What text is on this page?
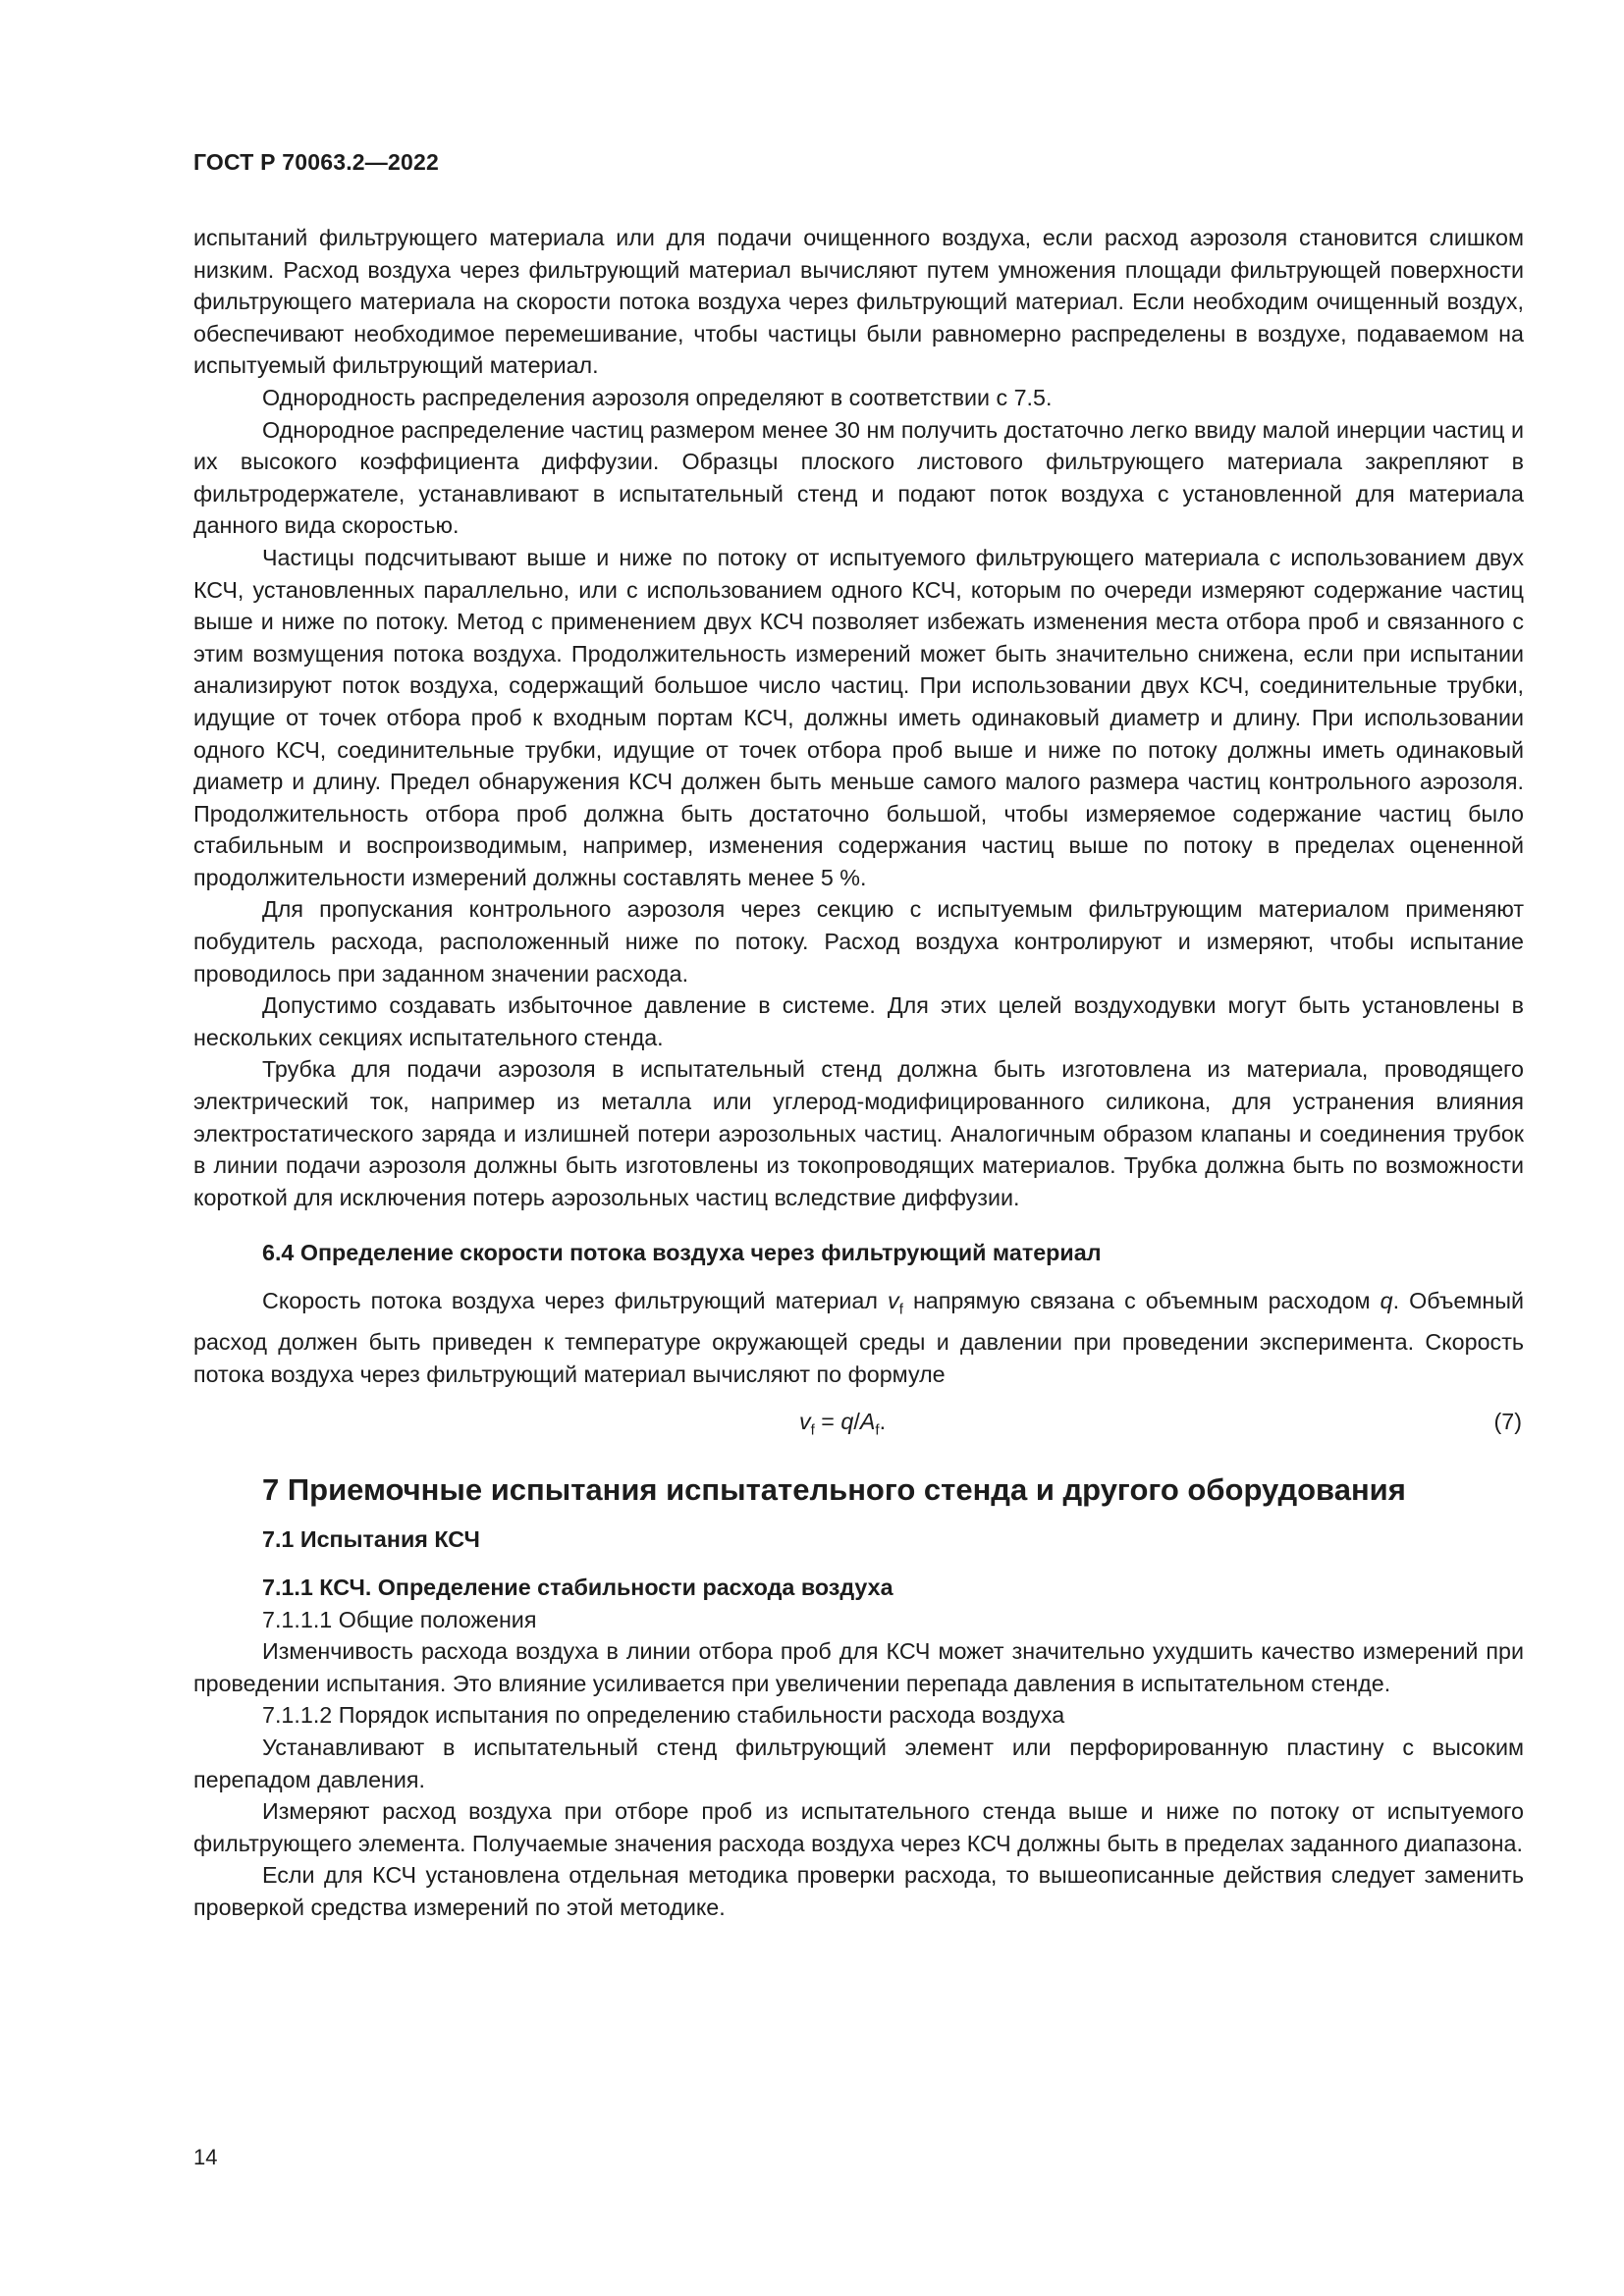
ГОСТ Р 70063.2—2022

испытаний фильтрующего материала или для подачи очищенного воздуха, если расход аэрозоля становится слишком низким. Расход воздуха через фильтрующий материал вычисляют путем умножения площади фильтрующей поверхности фильтрующего материала на скорости потока воздуха через фильтрующий материал. Если необходим очищенный воздух, обеспечивают необходимое перемешивание, чтобы частицы были равномерно распределены в воздухе, подаваемом на испытуемый фильтрующий материал.

Однородность распределения аэрозоля определяют в соответствии с 7.5.

Однородное распределение частиц размером менее 30 нм получить достаточно легко ввиду малой инерции частиц и их высокого коэффициента диффузии. Образцы плоского листового фильтрующего материала закрепляют в фильтродержателе, устанавливают в испытательный стенд и подают поток воздуха с установленной для материала данного вида скоростью.

Частицы подсчитывают выше и ниже по потоку от испытуемого фильтрующего материала с использованием двух КСЧ, установленных параллельно, или с использованием одного КСЧ, которым по очереди измеряют содержание частиц выше и ниже по потоку. Метод с применением двух КСЧ позволяет избежать изменения места отбора проб и связанного с этим возмущения потока воздуха. Продолжительность измерений может быть значительно снижена, если при испытании анализируют поток воздуха, содержащий большое число частиц. При использовании двух КСЧ, соединительные трубки, идущие от точек отбора проб к входным портам КСЧ, должны иметь одинаковый диаметр и длину. При использовании одного КСЧ, соединительные трубки, идущие от точек отбора проб выше и ниже по потоку должны иметь одинаковый диаметр и длину. Предел обнаружения КСЧ должен быть меньше самого малого размера частиц контрольного аэрозоля. Продолжительность отбора проб должна быть достаточно большой, чтобы измеряемое содержание частиц было стабильным и воспроизводимым, например, изменения содержания частиц выше по потоку в пределах оцененной продолжительности измерений должны составлять менее 5 %.

Для пропускания контрольного аэрозоля через секцию с испытуемым фильтрующим материалом применяют побудитель расхода, расположенный ниже по потоку. Расход воздуха контролируют и измеряют, чтобы испытание проводилось при заданном значении расхода.

Допустимо создавать избыточное давление в системе. Для этих целей воздуходувки могут быть установлены в нескольких секциях испытательного стенда.

Трубка для подачи аэрозоля в испытательный стенд должна быть изготовлена из материала, проводящего электрический ток, например из металла или углерод-модифицированного силикона, для устранения влияния электростатического заряда и излишней потери аэрозольных частиц. Аналогичным образом клапаны и соединения трубок в линии подачи аэрозоля должны быть изготовлены из токопроводящих материалов. Трубка должна быть по возможности короткой для исключения потерь аэрозольных частиц вследствие диффузии.

6.4 Определение скорости потока воздуха через фильтрующий материал

Скорость потока воздуха через фильтрующий материал $v_f$ напрямую связана с объемным расходом q. Объемный расход должен быть приведен к температуре окружающей среды и давлении при проведении эксперимента. Скорость потока воздуха через фильтрующий материал вычисляют по формуле

$v_f = q/A_f$.	(7)
7 Приемочные испытания испытательного стенда и другого оборудования
7.1 Испытания КСЧ
7.1.1 КСЧ. Определение стабильности расхода воздуха
7.1.1.1 Общие положения

Изменчивость расхода воздуха в линии отбора проб для КСЧ может значительно ухудшить качество измерений при проведении испытания. Это влияние усиливается при увеличении перепада давления в испытательном стенде.

7.1.1.2 Порядок испытания по определению стабильности расхода воздуха

Устанавливают в испытательный стенд фильтрующий элемент или перфорированную пластину с высоким перепадом давления.

Измеряют расход воздуха при отборе проб из испытательного стенда выше и ниже по потоку от испытуемого фильтрующего элемента. Получаемые значения расхода воздуха через КСЧ должны быть в пределах заданного диапазона.

Если для КСЧ установлена отдельная методика проверки расхода, то вышеописанные действия следует заменить проверкой средства измерений по этой методике.

14
